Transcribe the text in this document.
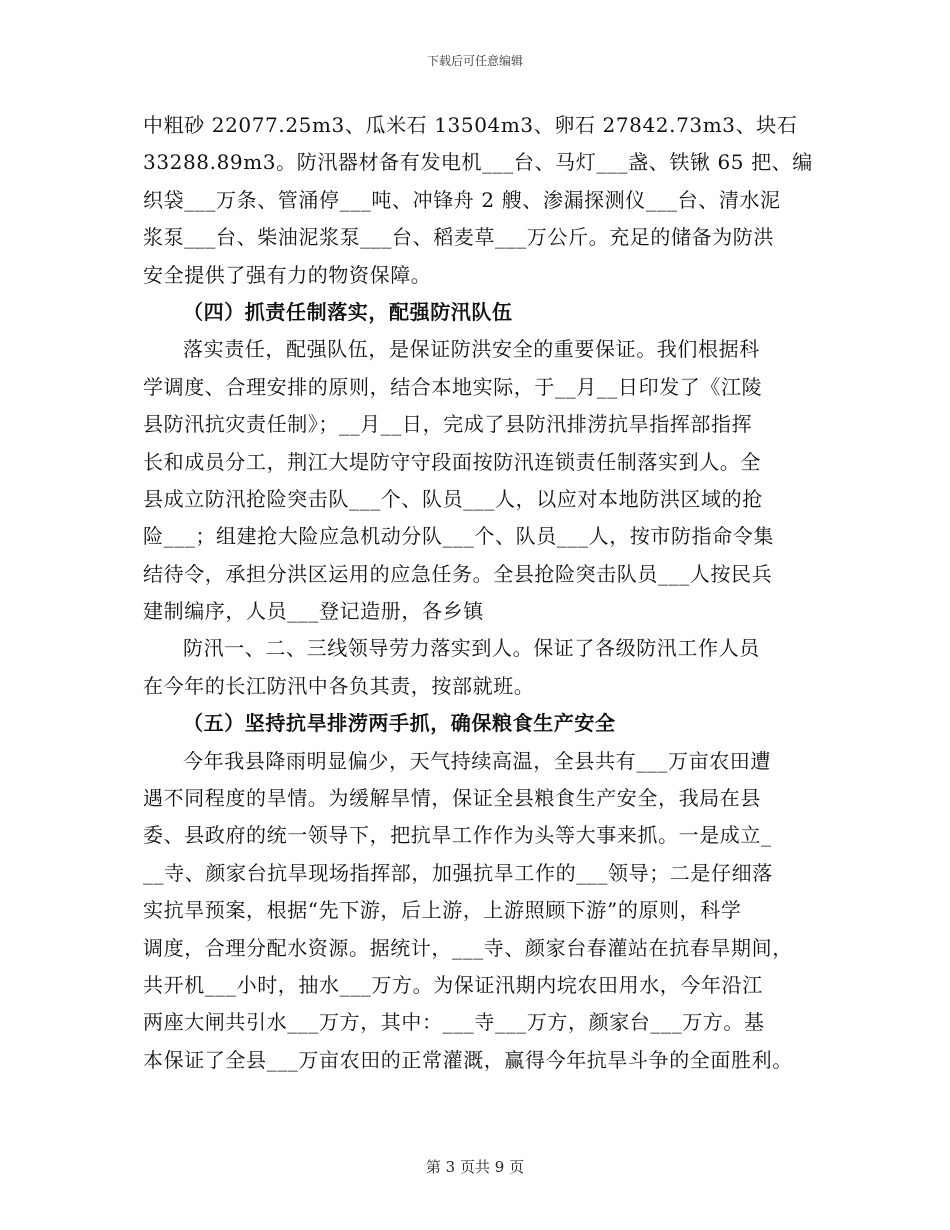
下载后可任意编辑
中粗砂 22077.25m3、瓜米石 13504m3、卵石 27842.73m3、块石
33288.89m3。防汛器材备有发电机___台、马灯___盏、铁锹 65 把、编
织袋___万条、管涌停___吨、冲锋舟 2 艘、渗漏探测仪___台、清水泥
浆泵___台、柴油泥浆泵___台、稻麦草___万公斤。充足的储备为防洪
安全提供了强有力的物资保障。
（四）抓责任制落实，配强防汛队伍
落实责任，配强队伍，是保证防洪安全的重要保证。我们根据科
学调度、合理安排的原则，结合本地实际，于__月__日印发了《江陵
县防汛抗灾责任制》；__月__日，完成了县防汛排涝抗旱指挥部指挥
长和成员分工，荆江大堤防守守段面按防汛连锁责任制落实到人。全
县成立防汛抢险突击队___个、队员___人，以应对本地防洪区域的抢
险___；组建抢大险应急机动分队___个、队员___人，按市防指命令集
结待令，承担分洪区运用的应急任务。全县抢险突击队员___人按民兵
建制编序，人员___登记造册，各乡镇
防汛一、二、三线领导劳力落实到人。保证了各级防汛工作人员
在今年的长江防汛中各负其责，按部就班。
（五）坚持抗旱排涝两手抓，确保粮食生产安全
今年我县降雨明显偏少，天气持续高温，全县共有___万亩农田遭
遇不同程度的旱情。为缓解旱情，保证全县粮食生产安全，我局在县
委、县政府的统一领导下，把抗旱工作作为头等大事来抓。一是成立_
__寺、颜家台抗旱现场指挥部，加强抗旱工作的___领导；二是仔细落
实抗旱预案，根据“先下游，后上游，上游照顾下游”的原则，科学
调度，合理分配水资源。据统计，___寺、颜家台春灌站在抗春旱期间，
共开机___小时，抽水___万方。为保证汛期内垸农田用水，今年沿江
两座大闸共引水___万方，其中：___寺___万方，颜家台___万方。基
本保证了全县___万亩农田的正常灌溉，赢得今年抗旱斗争的全面胜利。
第 3 页共 9 页
